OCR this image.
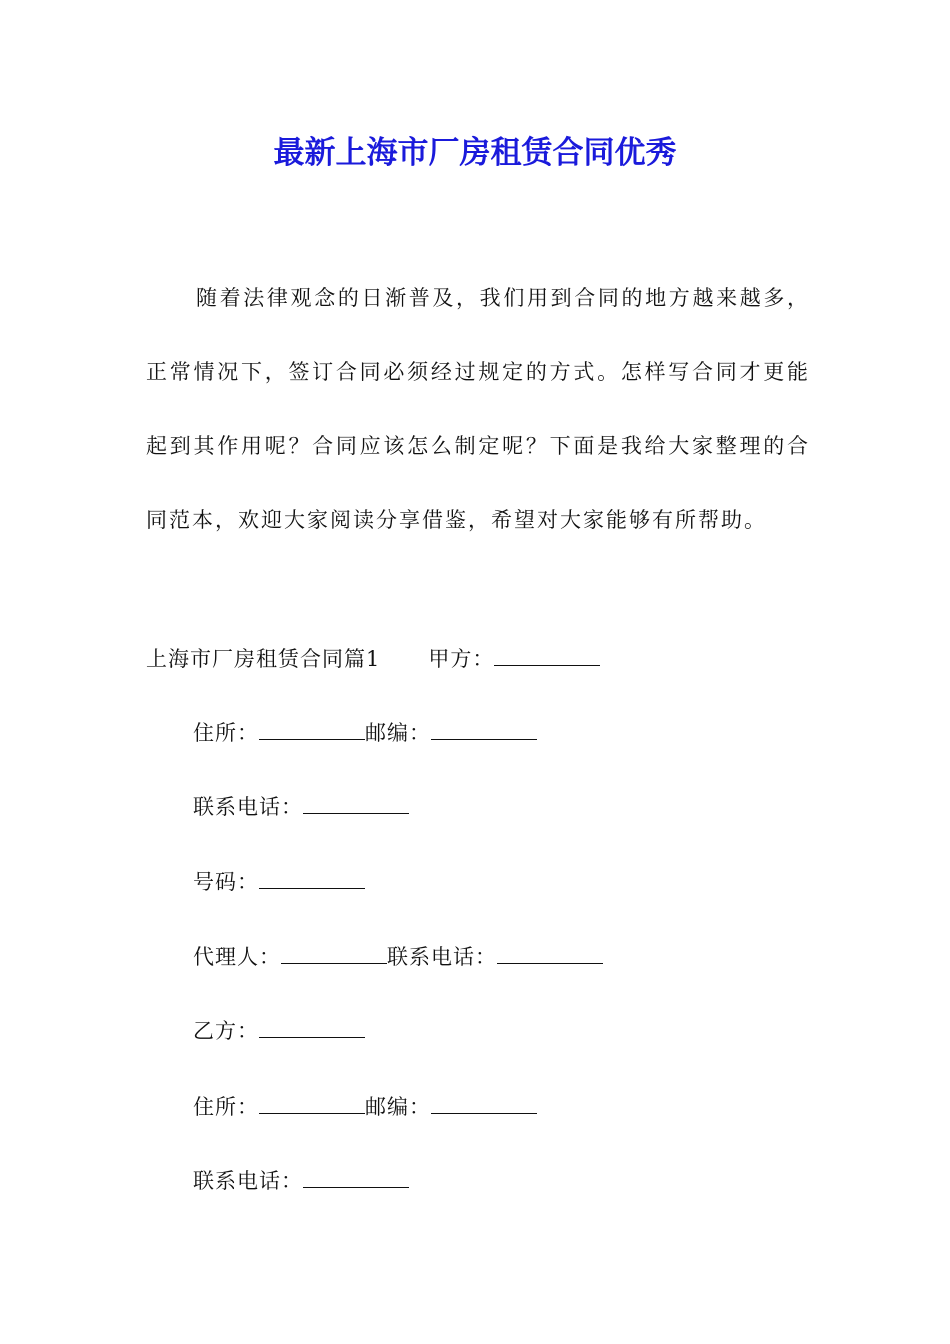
最新上海市厂房租赁合同优秀

随着法律观念的日渐普及，我们用到合同的地方越来越多，正常情况下，签订合同必须经过规定的方式。怎样写合同才更能起到其作用呢？合同应该怎么制定呢？下面是我给大家整理的合同范本，欢迎大家阅读分享借鉴，希望对大家能够有所帮助。

上海市厂房租赁合同篇1 甲方：
住所：	邮编：
联系电话：
号码：
代理人：	联系电话：
乙方：
住所：	邮编：
联系电话：
